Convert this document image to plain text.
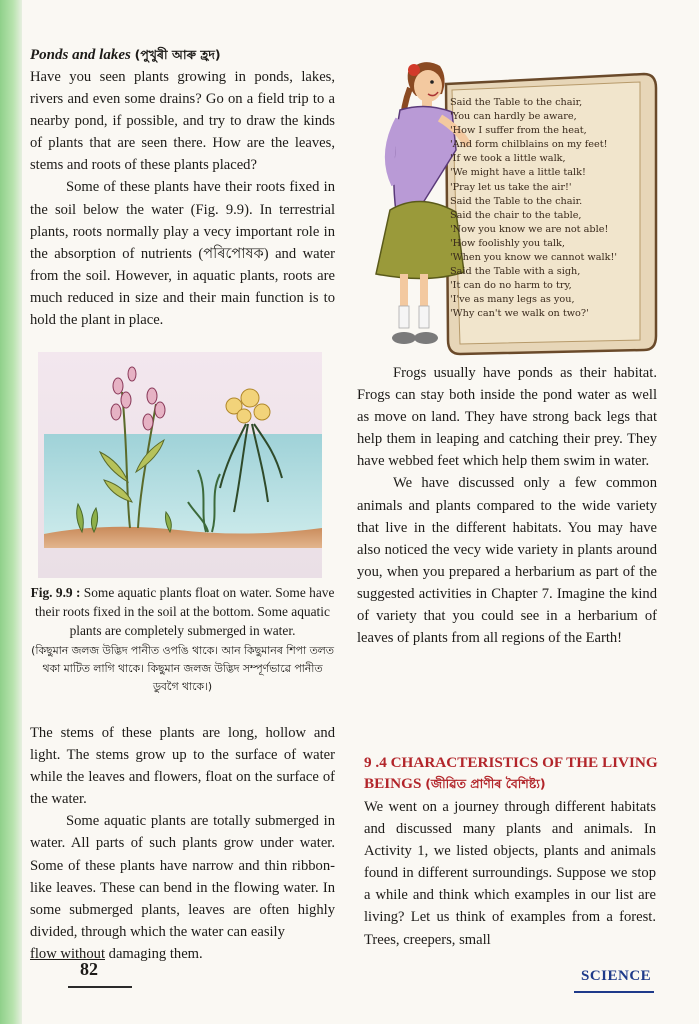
Ponds and lakes (পুখুৰী আৰু হ্ৰদ)

Have you seen plants growing in ponds, lakes, rivers and even some drains? Go on a field trip to a nearby pond, if possible, and try to draw the kinds of plants that are seen there. How are the leaves, stems and roots of these plants placed?

Some of these plants have their roots fixed in the soil below the water (Fig. 9.9). In terrestrial plants, roots normally play a vecy important role in the absorption of nutrients (পৰিপোষক) and water from the soil. However, in aquatic plants, roots are much reduced in size and their main function is to hold the plant in place.

Fig. 9.9 : Some aquatic plants float on water. Some have their roots fixed in the soil at the bottom. Some aquatic plants are completely submerged in water.
(কিছুমান জলজ উদ্ভিদ পানীত ওপঙি থাকে। আন কিছুমানৰ শিপা তলত থকা মাটিত লাগি থাকে। কিছুমান জলজ উদ্ভিদ সম্পূৰ্ণভাৱে পানীত ডুবগৈ থাকে।)

The stems of these plants are long, hollow and light. The stems grow up to the surface of water while the leaves and flowers, float on the surface of the water.

Some aquatic plants are totally submerged in water. All parts of such plants grow under water. Some of these plants have narrow and thin ribbon-like leaves. These can bend in the flowing water. In some submerged plants, leaves are often highly divided, through which the water can easily

flow without damaging them.

Said the Table to the chair,
'You can hardly be aware,
'How I suffer from the heat,
'And form chilblains on my feet!
'If we took a little walk,
'We might have a little talk!
'Pray let us take the air!'
Said the Table to the chair.
Said the chair to the table,
'Now you know we are not able!
'How foolishly you talk,
'When you know we cannot walk!'
Said the Table with a sigh,
'It can do no harm to try,
'I've as many legs as you,
'Why can't we walk on two?'

Frogs usually have ponds as their habitat. Frogs can stay both inside the pond water as well as move on land. They have strong back legs that help them in leaping and catching their prey. They have webbed feet which help them swim in water.

We have discussed only a few common animals and plants compared to the wide variety that live in the different habitats. You may have also noticed the vecy wide variety in plants around you, when you prepared a herbarium as part of the suggested activities in Chapter 7. Imagine the kind of variety that you could see in a herbarium of leaves of plants from all regions of the Earth!

9 .4 CHARACTERISTICS OF THE LIVING BEINGS (জীৱিত প্ৰাণীৰ বৈশিষ্ট্য)

We went on a journey through different habitats and discussed many plants and animals. In Activity 1, we listed objects, plants and animals found in different surroundings. Suppose we stop a while and think which examples in our list are living? Let us think of examples from a forest. Trees, creepers, small

82	SCIENCE
